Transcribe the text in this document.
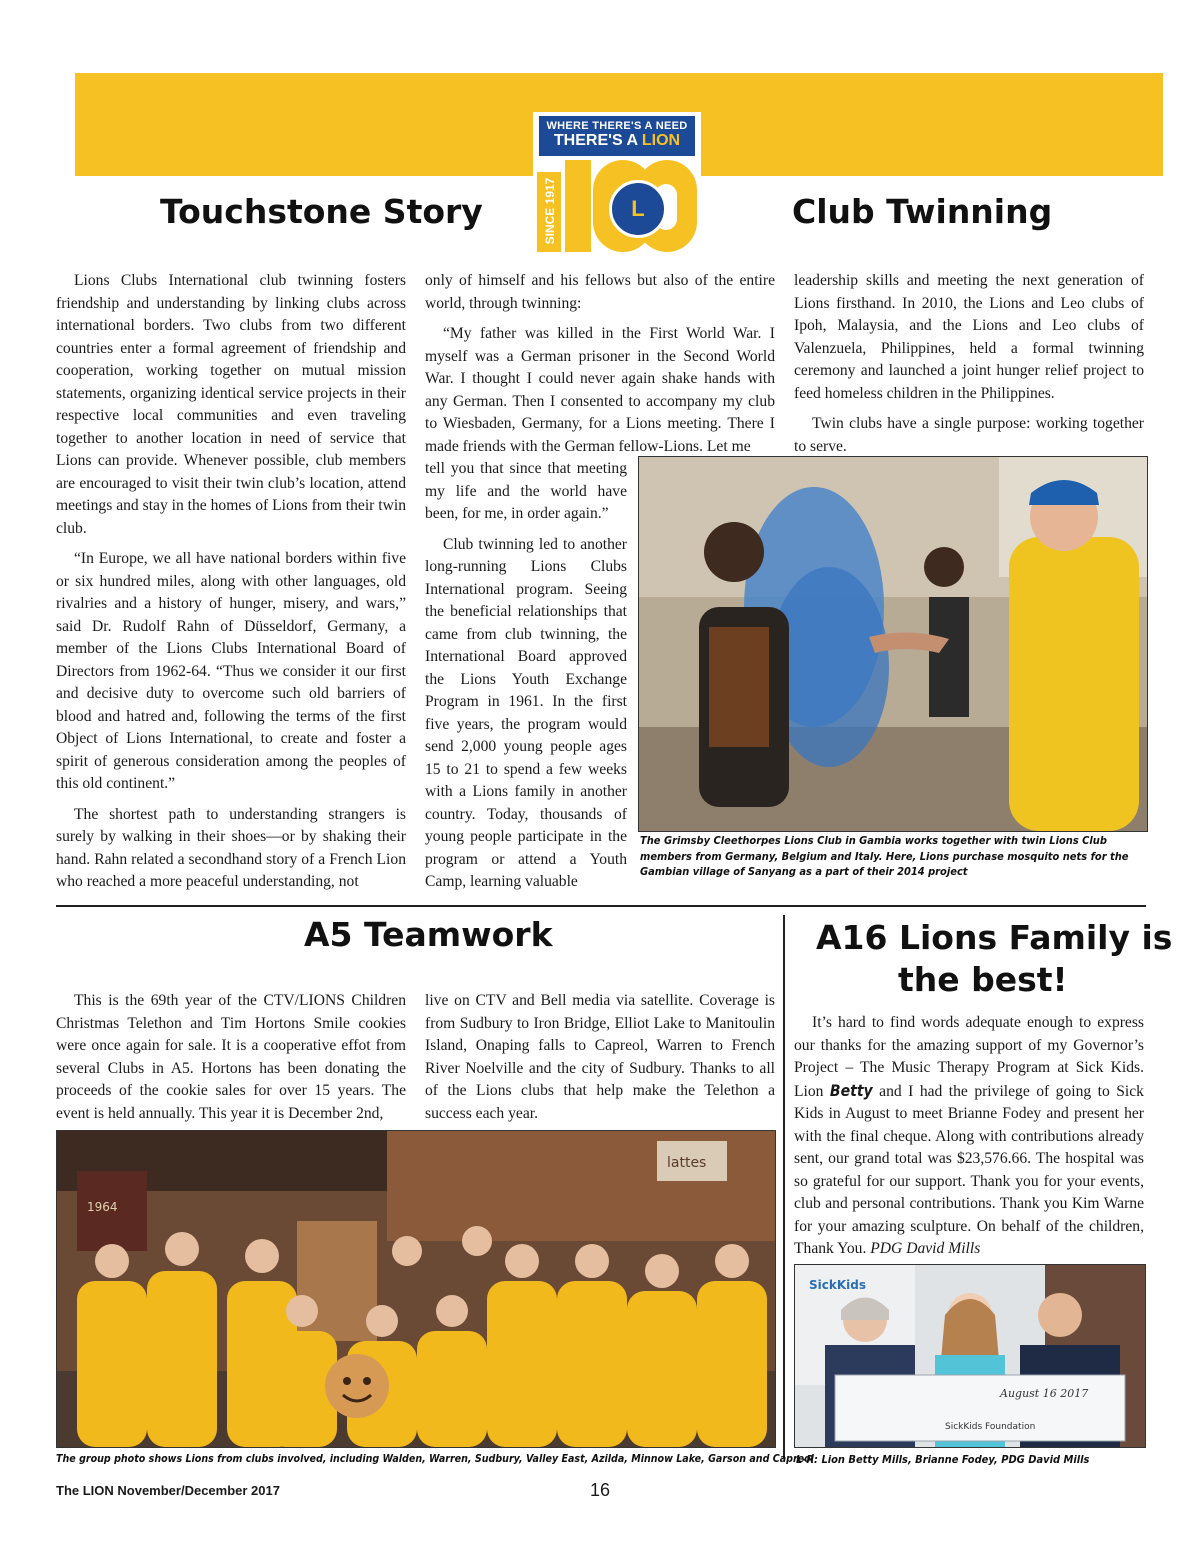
L
SINCE 1917
WHERE THERE'S A NEED
THERE'S A LION
Touchstone Story	Club Twinning

Lions Clubs International club twinning fosters friendship and understanding by linking clubs across international borders. Two clubs from two different countries enter a formal agreement of friendship and cooperation, working together on mutual mission statements, organizing identical service projects in their respective local communities and even traveling together to another location in need of service that Lions can provide. Whenever possible, club members are encouraged to visit their twin club’s location, attend meetings and stay in the homes of Lions from their twin club.

“In Europe, we all have national borders within five or six hundred miles, along with other languages, old rivalries and a history of hunger, misery, and wars,” said Dr. Rudolf Rahn of Düsseldorf, Germany, a member of the Lions Clubs International Board of Directors from 1962-64. “Thus we consider it our first and decisive duty to overcome such old barriers of blood and hatred and, following the terms of the first Object of Lions International, to create and foster a spirit of generous consideration among the peoples of this old continent.”

The shortest path to understanding strangers is surely by walking in their shoes—or by shaking their hand. Rahn related a secondhand story of a French Lion who reached a more peaceful understanding, not

only of himself and his fellows but also of the entire world, through twinning:

“My father was killed in the First World War. I myself was a German prisoner in the Second World War. I thought I could never again shake hands with any German. Then I consented to accompany my club to Wiesbaden, Germany, for a Lions meeting. There I made friends with the German fellow-Lions. Let me

tell you that since that meeting my life and the world have been, for me, in order again.”

Club twinning led to another long-running Lions Clubs International program. Seeing the beneficial relationships that came from club twinning, the International Board approved the Lions Youth Exchange Program in 1961. In the first five years, the program would send 2,000 young people ages 15 to 21 to spend a few weeks with a Lions family in another country. Today, thousands of young people participate in the program or attend a Youth Camp, learning valuable

leadership skills and meeting the next generation of Lions firsthand. In 2010, the Lions and Leo clubs of Ipoh, Malaysia, and the Lions and Leo clubs of Valenzuela, Philippines, held a formal twinning ceremony and launched a joint hunger relief project to feed homeless children in the Philippines.

Twin clubs have a single purpose: working together to serve.

The Grimsby Cleethorpes Lions Club in Gambia works together with twin Lions Club members from Germany, Belgium and Italy. Here, Lions purchase mosquito nets for the Gambian village of Sanyang as a part of their 2014 project
A5 Teamwork

This is the 69th year of the CTV/LIONS Children Christmas Telethon and Tim Hortons Smile cookies were once again for sale. It is a cooperative effot from several Clubs in A5. Hortons has been donating the proceeds of the cookie sales for over 15 years. The event is held annually. This year it is December 2nd,

live on CTV and Bell media via satellite. Coverage is from Sudbury to Iron Bridge, Elliot Lake to Manitoulin Island, Onaping falls to Capreol, Warren to French River Noelville and the city of Sudbury. Thanks to all of the Lions clubs that help make the Telethon a success each year.

lattes
1964
The group photo shows Lions from clubs involved, including Walden, Warren, Sudbury, Valley East, Azilda, Minnow Lake, Garson and Capreol
A16 Lions Family is
the best!

It’s hard to find words adequate enough to express our thanks for the amazing support of my Governor’s Project – The Music Therapy Program at Sick Kids. Lion Betty and I had the privilege of going to Sick Kids in August to meet Brianne Fodey and present her with the final cheque. Along with contributions already sent, our grand total was $23,576.66. The hospital was so grateful for our support. Thank you for your events, club and personal contributions. Thank you Kim Warne for your amazing sculpture. On behalf of the children, Thank You. PDG David Mills

SickKids
August 16 2017
SickKids Foundation
L-R: Lion Betty Mills, Brianne Fodey, PDG David Mills
The LION November/December 2017	16
